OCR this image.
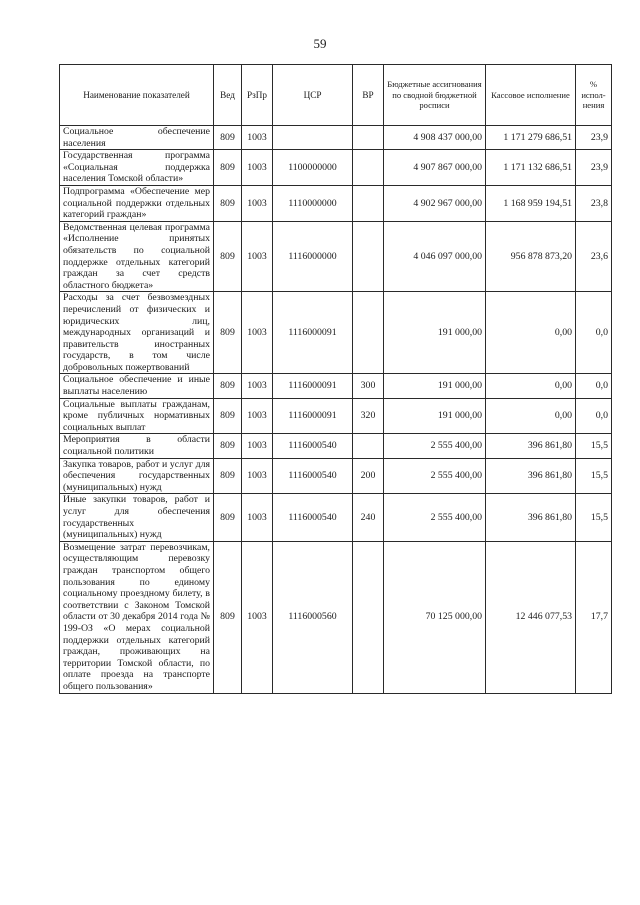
59
Наименование показателей	Вед	РзПр	ЦСР	ВР	Бюджетные ассигнования по сводной бюджетной росписи	Кассовое исполнение	% испол-нения
Социальное обеспечение населения	809	1003			4 908 437 000,00	1 171 279 686,51	23,9
Государственная программа «Социальная поддержка населения Томской области»	809	1003	1100000000		4 907 867 000,00	1 171 132 686,51	23,9
Подпрограмма «Обеспечение мер социальной поддержки отдельных категорий граждан»	809	1003	1110000000		4 902 967 000,00	1 168 959 194,51	23,8
Ведомственная целевая программа «Исполнение принятых обязательств по социальной поддержке отдельных категорий граждан за счет средств областного бюджета»	809	1003	1116000000		4 046 097 000,00	956 878 873,20	23,6
Расходы за счет безвозмездных перечислений от физических и юридических лиц, международных организаций и правительств иностранных государств, в том числе добровольных пожертвований	809	1003	1116000091		191 000,00	0,00	0,0
Социальное обеспечение и иные выплаты населению	809	1003	1116000091	300	191 000,00	0,00	0,0
Социальные выплаты гражданам, кроме публичных нормативных социальных выплат	809	1003	1116000091	320	191 000,00	0,00	0,0
Мероприятия в области социальной политики	809	1003	1116000540		2 555 400,00	396 861,80	15,5
Закупка товаров, работ и услуг для обеспечения государственных (муниципальных) нужд	809	1003	1116000540	200	2 555 400,00	396 861,80	15,5
Иные закупки товаров, работ и услуг для обеспечения государственных (муниципальных) нужд	809	1003	1116000540	240	2 555 400,00	396 861,80	15,5
Возмещение затрат перевозчикам, осуществляющим перевозку граждан транспортом общего пользования по единому социальному проездному билету, в соответствии с Законом Томской области от 30 декабря 2014 года № 199-ОЗ «О мерах социальной поддержки отдельных категорий граждан, проживающих на территории Томской области, по оплате проезда на транспорте общего пользования»	809	1003	1116000560		70 125 000,00	12 446 077,53	17,7
